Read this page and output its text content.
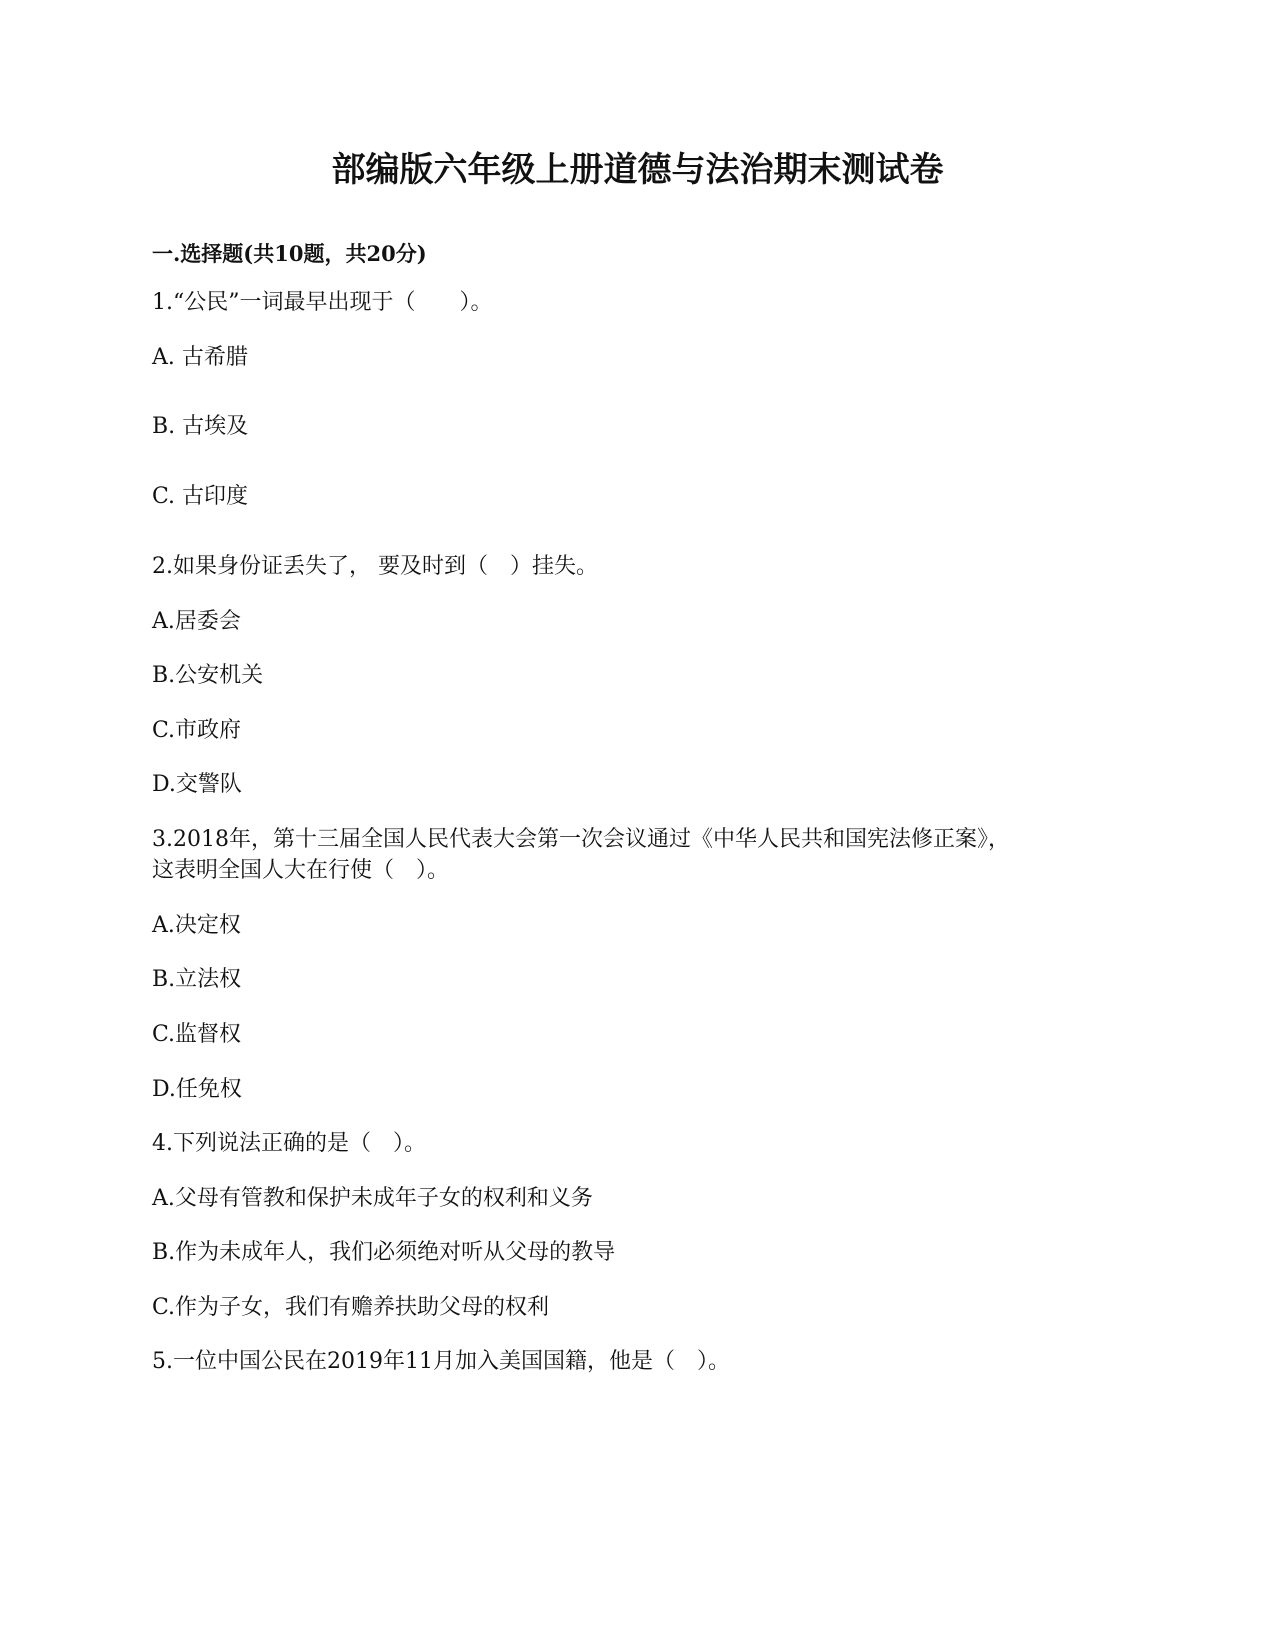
部编版六年级上册道德与法治期末测试卷
一.选择题(共10题，共20分)
1.“公民”一词最早出现于（　　）。
A. 古希腊
B. 古埃及
C. 古印度
2.如果身份证丢失了， 要及时到（　）挂失。
A.居委会
B.公安机关
C.市政府
D.交警队
3.2018年，第十三届全国人民代表大会第一次会议通过《中华人民共和国宪法修正案》，
这表明全国人大在行使（　）。
A.决定权
B.立法权
C.监督权
D.任免权
4.下列说法正确的是（　）。
A.父母有管教和保护未成年子女的权利和义务
B.作为未成年人，我们必须绝对听从父母的教导
C.作为子女，我们有赡养扶助父母的权利
5.一位中国公民在2019年11月加入美国国籍，他是（　）。
